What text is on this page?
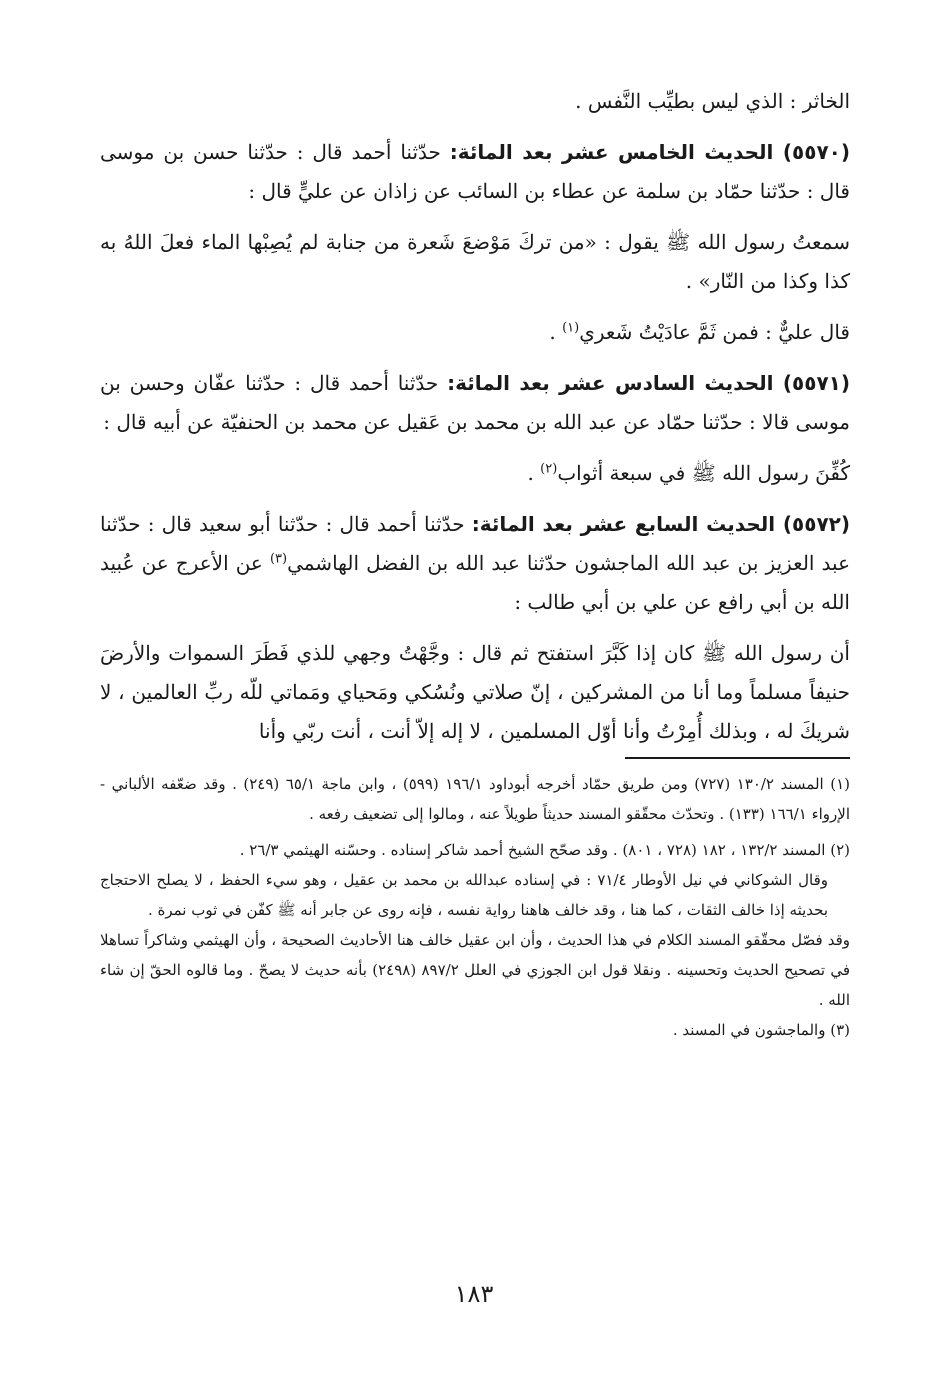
الخاثر : الذي ليس بطيِّب النَّفس .

(٥٥٧٠) الحديث الخامس عشر بعد المائة: حدّثنا أحمد قال : حدّثنا حسن بن موسى قال : حدّثنا حمّاد بن سلمة عن عطاء بن السائب عن زاذان عن عليٍّ قال :

سمعتُ رسول الله ﷺ يقول : «من تركَ مَوْضعَ شَعرة من جنابة لم يُصِبْها الماء فعلَ اللهُ به كذا وكذا من النّار» .

قال عليٌّ : فمن ثَمَّ عادَيْتُ شَعري$^{(١)}$ .

(٥٥٧١) الحديث السادس عشر بعد المائة: حدّثنا أحمد قال : حدّثنا عفّان وحسن بن موسى قالا : حدّثنا حمّاد عن عبد الله بن محمد بن عَقيل عن محمد بن الحنفيّة عن أبيه قال :

كُفِّنَ رسول الله ﷺ في سبعة أثواب$^{(٢)}$ .

(٥٥٧٢) الحديث السابع عشر بعد المائة: حدّثنا أحمد قال : حدّثنا أبو سعيد قال : حدّثنا عبد العزيز بن عبد الله الماجشون حدّثنا عبد الله بن الفضل الهاشمي$^{(٣)}$ عن الأعرج عن عُبيد الله بن أبي رافع عن علي بن أبي طالب :

أن رسول الله ﷺ كان إذا كَبَّرَ استفتح ثم قال : وجَّهْتُ وجهي للذي فَطَرَ السموات والأرضَ حنيفاً مسلماً وما أنا من المشركين ، إنّ صلاتي ونُسُكي ومَحياي ومَماتي للّه ربِّ العالمين ، لا شريكَ له ، وبذلك أُمِرْتُ وأنا أوّل المسلمين ، لا إله إلاّ أنت ، أنت ربّي وأنا

(١) المسند ١٣٠/٢ (٧٢٧) ومن طريق حمّاد أخرجه أبوداود ١٩٦/١ (٥٩٩) ، وابن ماجة ٦٥/١ (٢٤٩) . وقد ضعّفه الألباني - الإرواء ١٦٦/١ (١٣٣) . وتحدّث محقّقو المسند حديثاً طويلاً عنه ، ومالوا إلى تضعيف رفعه .

(٢) المسند ١٣٢/٢ ، ١٨٢ (٧٢٨ ، ٨٠١) . وقد صحّح الشيخ أحمد شاكر إسناده . وحسّنه الهيثمي ٢٦/٣ .

وقال الشوكاني في نيل الأوطار ٧١/٤ : في إسناده عبدالله بن محمد بن عقيل ، وهو سيء الحفظ ، لا يصلح الاحتجاج بحديثه إذا خالف الثقات ، كما هنا ، وقد خالف هاهنا رواية نفسه ، فإنه روى عن جابر أنه ﷺ كفّن في ثوب نمرة .

وقد فصّل محقّقو المسند الكلام في هذا الحديث ، وأن ابن عقيل خالف هنا الأحاديث الصحيحة ، وأن الهيثمي وشاكراً تساهلا في تصحيح الحديث وتحسينه . ونقلا قول ابن الجوزي في العلل ٨٩٧/٢ (٢٤٩٨) بأنه حديث لا يصحّ . وما قالوه الحقّ إن شاء الله .

(٣) والماجشون في المسند .

١٨٣
